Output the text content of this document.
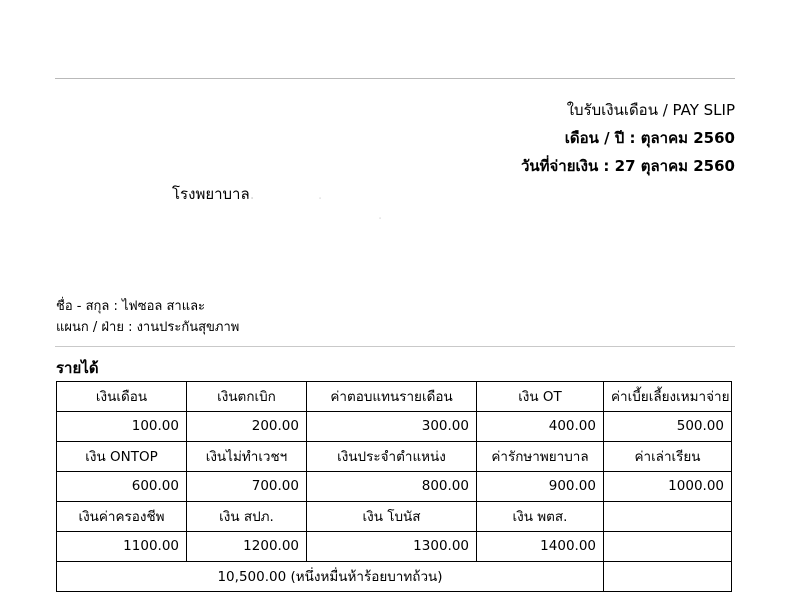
ใบรับเงินเดือน / PAY SLIP
เดือน / ปี : ตุลาคม 2560
วันที่จ่ายเงิน : 27 ตุลาคม 2560
โรงพยาบาล.	.
.
ชื่อ - สกุล : ไฟซอล สาและ
แผนก / ฝ่าย : งานประกันสุขภาพ
รายได้
เงินเดือน	เงินตกเบิก	ค่าตอบแทนรายเดือน	เงิน OT	ค่าเบี้ยเลี้ยงเหมาจ่าย
100.00	200.00	300.00	400.00	500.00
เงิน ONTOP	เงินไม่ทำเวชฯ	เงินประจำตำแหน่ง	ค่ารักษาพยาบาล	ค่าเล่าเรียน
600.00	700.00	800.00	900.00	1000.00
เงินค่าครองชีพ	เงิน สปภ.	เงิน โบนัส	เงิน พตส.	
1100.00	1200.00	1300.00	1400.00	
10,500.00 (หนึ่งหมื่นห้าร้อยบาทถ้วน)				
